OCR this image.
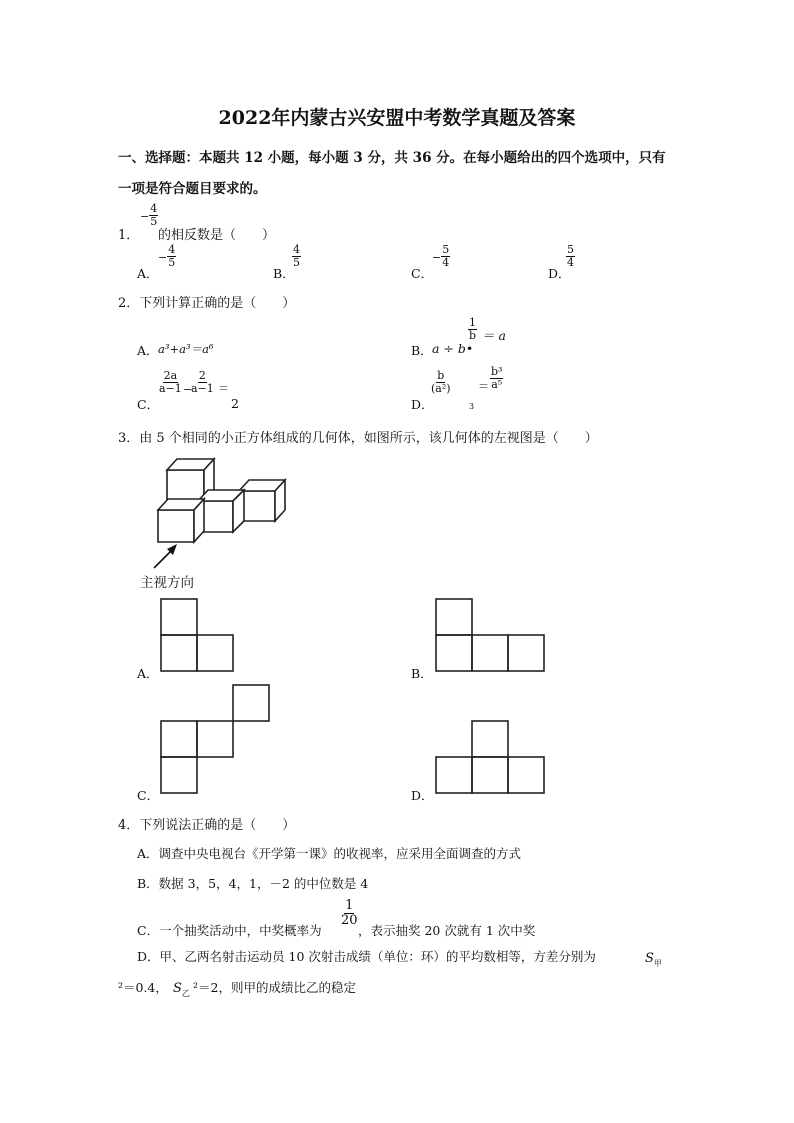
2022年内蒙古兴安盟中考数学真题及答案
一、选择题：本题共 12 小题，每小题 3 分，共 36 分。在每小题给出的四个选项中，只有
一项是符合题目要求的。
1．
− $\frac{4}{5}$
的相反数是（　　）
A．
− $\frac{4}{5}$
B．
$\frac{4}{5}$
C．
− $\frac{5}{4}$
D．
$\frac{5}{4}$
2．下列计算正确的是（　　）
A． a³+a³＝a⁶	B． a ÷ b•
$\frac{1}{b} = a$
C．
$\frac{2a}{a-1}$ −
$\frac{2}{a-1}$ ＝
2	D．
$\frac{b}{\text{(a²)}}$
3
＝ $\frac{\text{b³}}{\text{a⁵}}$
3．由 5 个相同的小正方体组成的几何体，如图所示，该几何体的左视图是（　　）
主视方向
A．	B．
C．	D．
4．下列说法正确的是（　　）
A．调查中央电视台《开学第一课》的收视率，应采用全面调查的方式
B．数据 3，5，4，1，－2 的中位数是 4
C．一个抽奖活动中，中奖概率为
$\frac{1}{20}$
，表示抽奖 20 次就有 1 次中奖
D．甲、乙两名射击运动员 10 次射击成绩（单位：环）的平均数相等，方差分别为	$S_甲$
²＝0.4， $S_乙$ ²＝2，则甲的成绩比乙的稳定
